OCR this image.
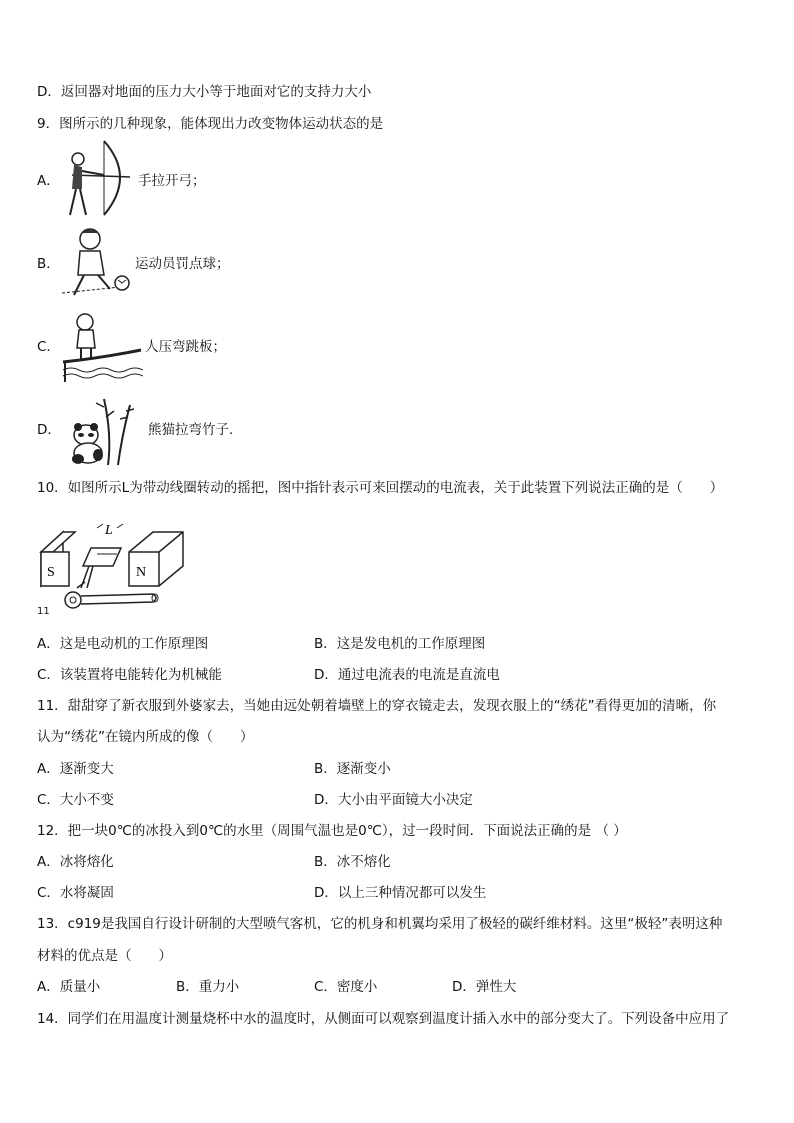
D．返回器对地面的压力大小等于地面对它的支持力大小
9．图所示的几种现象，能体现出力改变物体运动状态的是
A．	手拉开弓；
B．	运动员罚点球；
C．	人压弯跳板；
D．	熊猫拉弯竹子．
10．如图所示L为带动线圈转动的摇把，图中指针表示可来回摆动的电流表，关于此装置下列说法正确的是（　　）
S	N
L
11
A．这是电动机的工作原理图	B．这是发电机的工作原理图
C．该装置将电能转化为机械能	D．通过电流表的电流是直流电
11．甜甜穿了新衣服到外婆家去，当她由远处朝着墙壁上的穿衣镜走去，发现衣服上的“绣花”看得更加的清晰，你
认为“绣花”在镜内所成的像（　　）
A．逐渐变大	B．逐渐变小
C．大小不变	D．大小由平面镜大小决定
12．把一块0℃的冰投入到0℃的水里（周围气温也是0℃），过一段时间．下面说法正确的是 （ ）
A．冰将熔化	B．冰不熔化
C．水将凝固	D．以上三种情况都可以发生
13．c919是我国自行设计研制的大型喷气客机，它的机身和机翼均采用了极轻的碳纤维材料。这里“极轻”表明这种
材料的优点是（　　）
A．质量小	B．重力小	C．密度小	D．弹性大
14．同学们在用温度计测量烧杯中水的温度时，从侧面可以观察到温度计插入水中的部分变大了。下列设备中应用了
